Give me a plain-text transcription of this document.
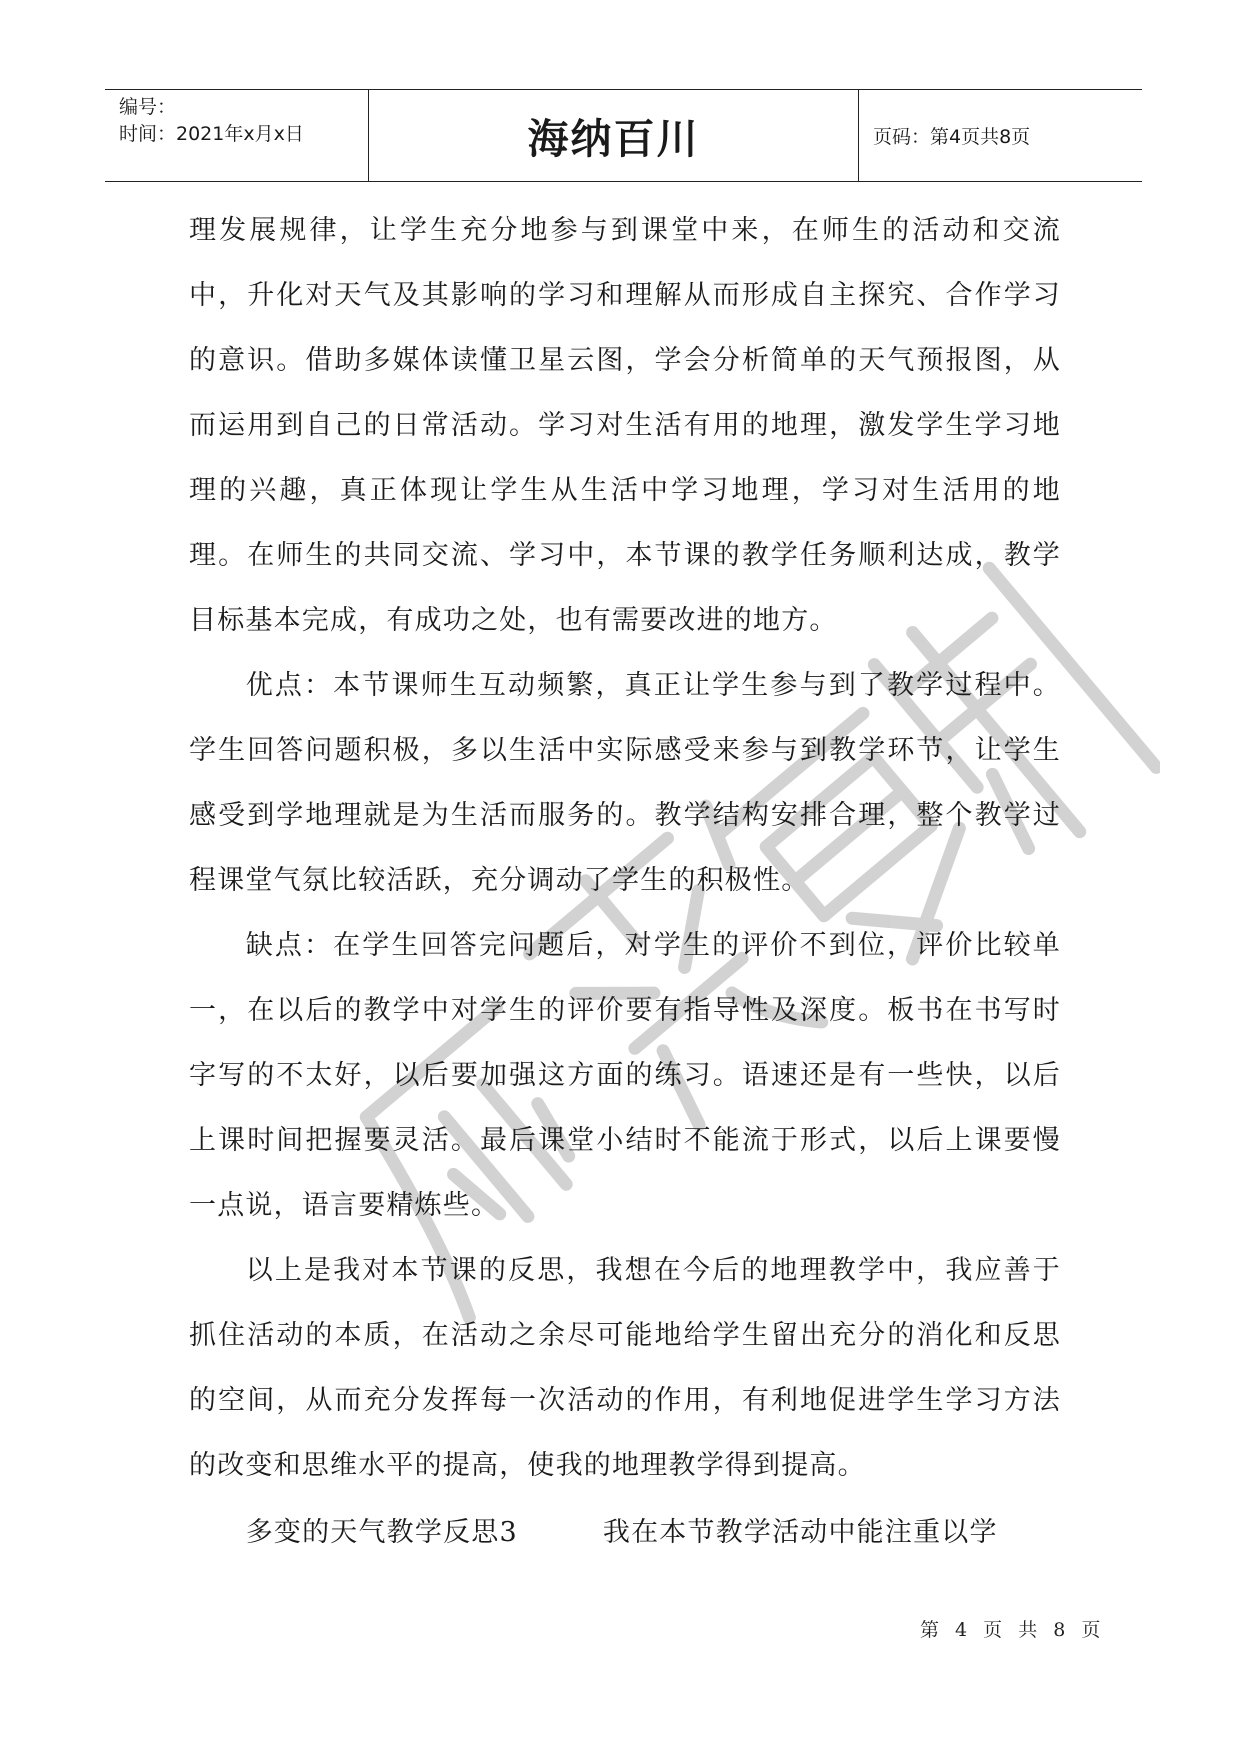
编号：
时间：2021年x月x日	海纳百川	页码：第4页共8页

理发展规律，让学生充分地参与到课堂中来，在师生的活动和交流中，升化对天气及其影响的学习和理解从而形成自主探究、合作学习的意识。借助多媒体读懂卫星云图，学会分析简单的天气预报图，从而运用到自己的日常活动。学习对生活有用的地理，激发学生学习地理的兴趣，真正体现让学生从生活中学习地理，学习对生活用的地理。在师生的共同交流、学习中，本节课的教学任务顺利达成，教学目标基本完成，有成功之处，也有需要改进的地方。

优点：本节课师生互动频繁，真正让学生参与到了教学过程中。学生回答问题积极，多以生活中实际感受来参与到教学环节，让学生感受到学地理就是为生活而服务的。教学结构安排合理，整个教学过程课堂气氛比较活跃，充分调动了学生的积极性。

缺点：在学生回答完问题后，对学生的评价不到位，评价比较单一，在以后的教学中对学生的评价要有指导性及深度。板书在书写时字写的不太好，以后要加强这方面的练习。语速还是有一些快，以后上课时间把握要灵活。最后课堂小结时不能流于形式，以后上课要慢一点说，语言要精炼些。

以上是我对本节课的反思，我想在今后的地理教学中，我应善于抓住活动的本质，在活动之余尽可能地给学生留出充分的消化和反思的空间，从而充分发挥每一次活动的作用，有利地促进学生学习方法的改变和思维水平的提高，使我的地理教学得到提高。

多变的天气教学反思3	我在本节教学活动中能注重以学

第 4 页 共 8 页
